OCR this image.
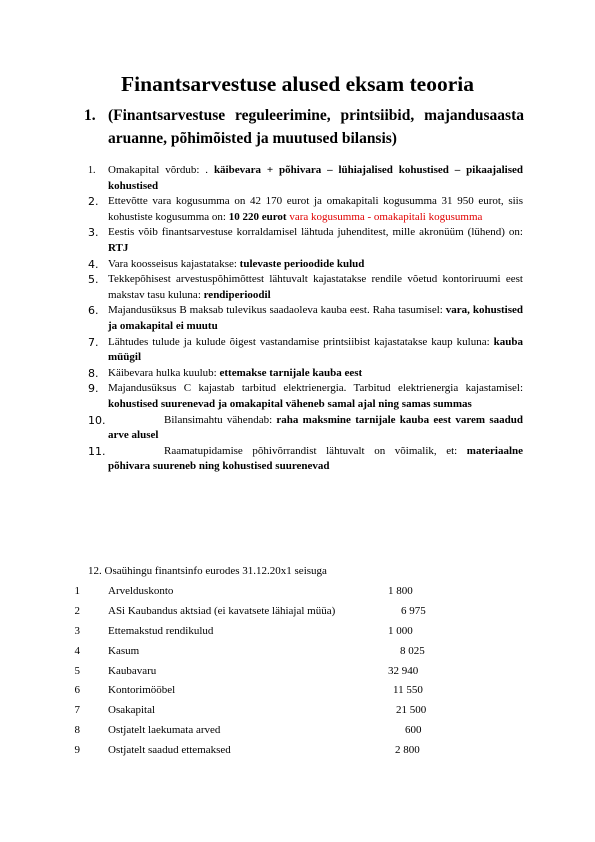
Finantsarvestuse alused eksam teooria
1. (Finantsarvestuse reguleerimine, printsiibid, majandusaasta aruanne, põhimõisted ja muutused bilansis)
1. Omakapital võrdub: . käibevara + põhivara – lühiajalised kohustised – pikaajalised kohustised
2. Ettevõtte vara kogusumma on 42 170 eurot ja omakapitali kogusumma 31 950 eurot, siis kohustiste kogusumma on: 10 220 eurot vara kogusumma - omakapitali kogusumma
3. Eestis võib finantsarvestuse korraldamisel lähtuda juhenditest, mille akronüüm (lühend) on: RTJ
4. Vara koosseisus kajastatakse: tulevaste perioodide kulud
5. Tekkepõhisest arvestuspõhimõttest lähtuvalt kajastatakse rendile võetud kontoriruumi eest makstav tasu kuluna: rendiperioodil
6. Majandusüksus B maksab tulevikus saadaoleva kauba eest. Raha tasumisel: vara, kohustised ja omakapital ei muutu
7. Lähtudes tulude ja kulude õigest vastandamise printsiibist kajastatakse kaup kuluna: kauba müügil
8. Käibevara hulka kuulub: ettemakse tarnijale kauba eest
9. Majandusüksus C kajastab tarbitud elektrienergia. Tarbitud elektrienergia kajastamisel: kohustised suurenevad ja omakapital väheneb samal ajal ning samas summas
10.	Bilansimahtu vähendab: raha maksmine tarnijale kauba eest varem saadud arve alusel
11.	Raamatupidamise põhivõrrandist lähtuvalt on võimalik, et: materiaalne põhivara suureneb ning kohustised suurenevad
12. Osaühingu finantsinfo eurodes 31.12.20x1 seisuga
1	Arvelduskonto	1 800
2	ASi Kaubandus aktsiad (ei kavatsete lähiajal müüa)	6 975
3	Ettemakstud rendikulud	1 000
4	Kasum	8 025
5	Kaubavaru	32 940
6	Kontorimööbel	11 550
7	Osakapital	21 500
8	Ostjatelt laekumata arved	600
9	Ostjatelt saadud ettemaksed	2 800
